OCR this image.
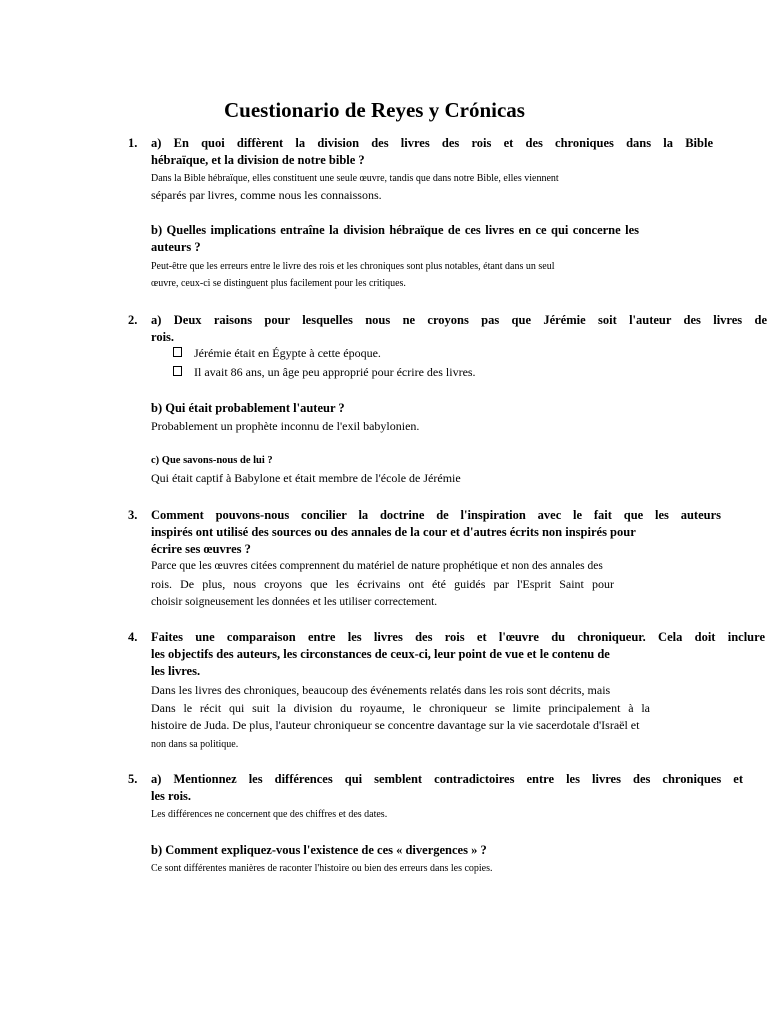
Cuestionario de Reyes y Crónicas
1. a) En quoi diffèrent la division des livres des rois et des chroniques dans la Bible
hébraïque, et la division de notre bible ?
Dans la Bible hébraïque, elles constituent une seule œuvre, tandis que dans notre Bible, elles viennent
séparés par livres, comme nous les connaissons.
b) Quelles implications entraîne la division hébraïque de ces livres en ce qui concerne les
auteurs ?
Peut-être que les erreurs entre le livre des rois et les chroniques sont plus notables, étant dans un seul
œuvre, ceux-ci se distinguent plus facilement pour les critiques.
2. a) Deux raisons pour lesquelles nous ne croyons pas que Jérémie soit l'auteur des livres de
rois.
Jérémie était en Égypte à cette époque.
Il avait 86 ans, un âge peu approprié pour écrire des livres.
b) Qui était probablement l'auteur ?
Probablement un prophète inconnu de l'exil babylonien.
c) Que savons-nous de lui ?
Qui était captif à Babylone et était membre de l'école de Jérémie
3. Comment pouvons-nous concilier la doctrine de l'inspiration avec le fait que les auteurs
inspirés ont utilisé des sources ou des annales de la cour et d'autres écrits non inspirés pour
écrire ses œuvres ?
Parce que les œuvres citées comprennent du matériel de nature prophétique et non des annales des
rois. De plus, nous croyons que les écrivains ont été guidés par l'Esprit Saint pour
choisir soigneusement les données et les utiliser correctement.
4. Faites une comparaison entre les livres des rois et l'œuvre du chroniqueur. Cela doit inclure
les objectifs des auteurs, les circonstances de ceux-ci, leur point de vue et le contenu de
les livres.
Dans les livres des chroniques, beaucoup des événements relatés dans les rois sont décrits, mais
Dans le récit qui suit la division du royaume, le chroniqueur se limite principalement à la
histoire de Juda. De plus, l'auteur chroniqueur se concentre davantage sur la vie sacerdotale d'Israël et
non dans sa politique.
5. a) Mentionnez les différences qui semblent contradictoires entre les livres des chroniques et
les rois.
Les différences ne concernent que des chiffres et des dates.
b) Comment expliquez-vous l'existence de ces « divergences » ?
Ce sont différentes manières de raconter l'histoire ou bien des erreurs dans les copies.
